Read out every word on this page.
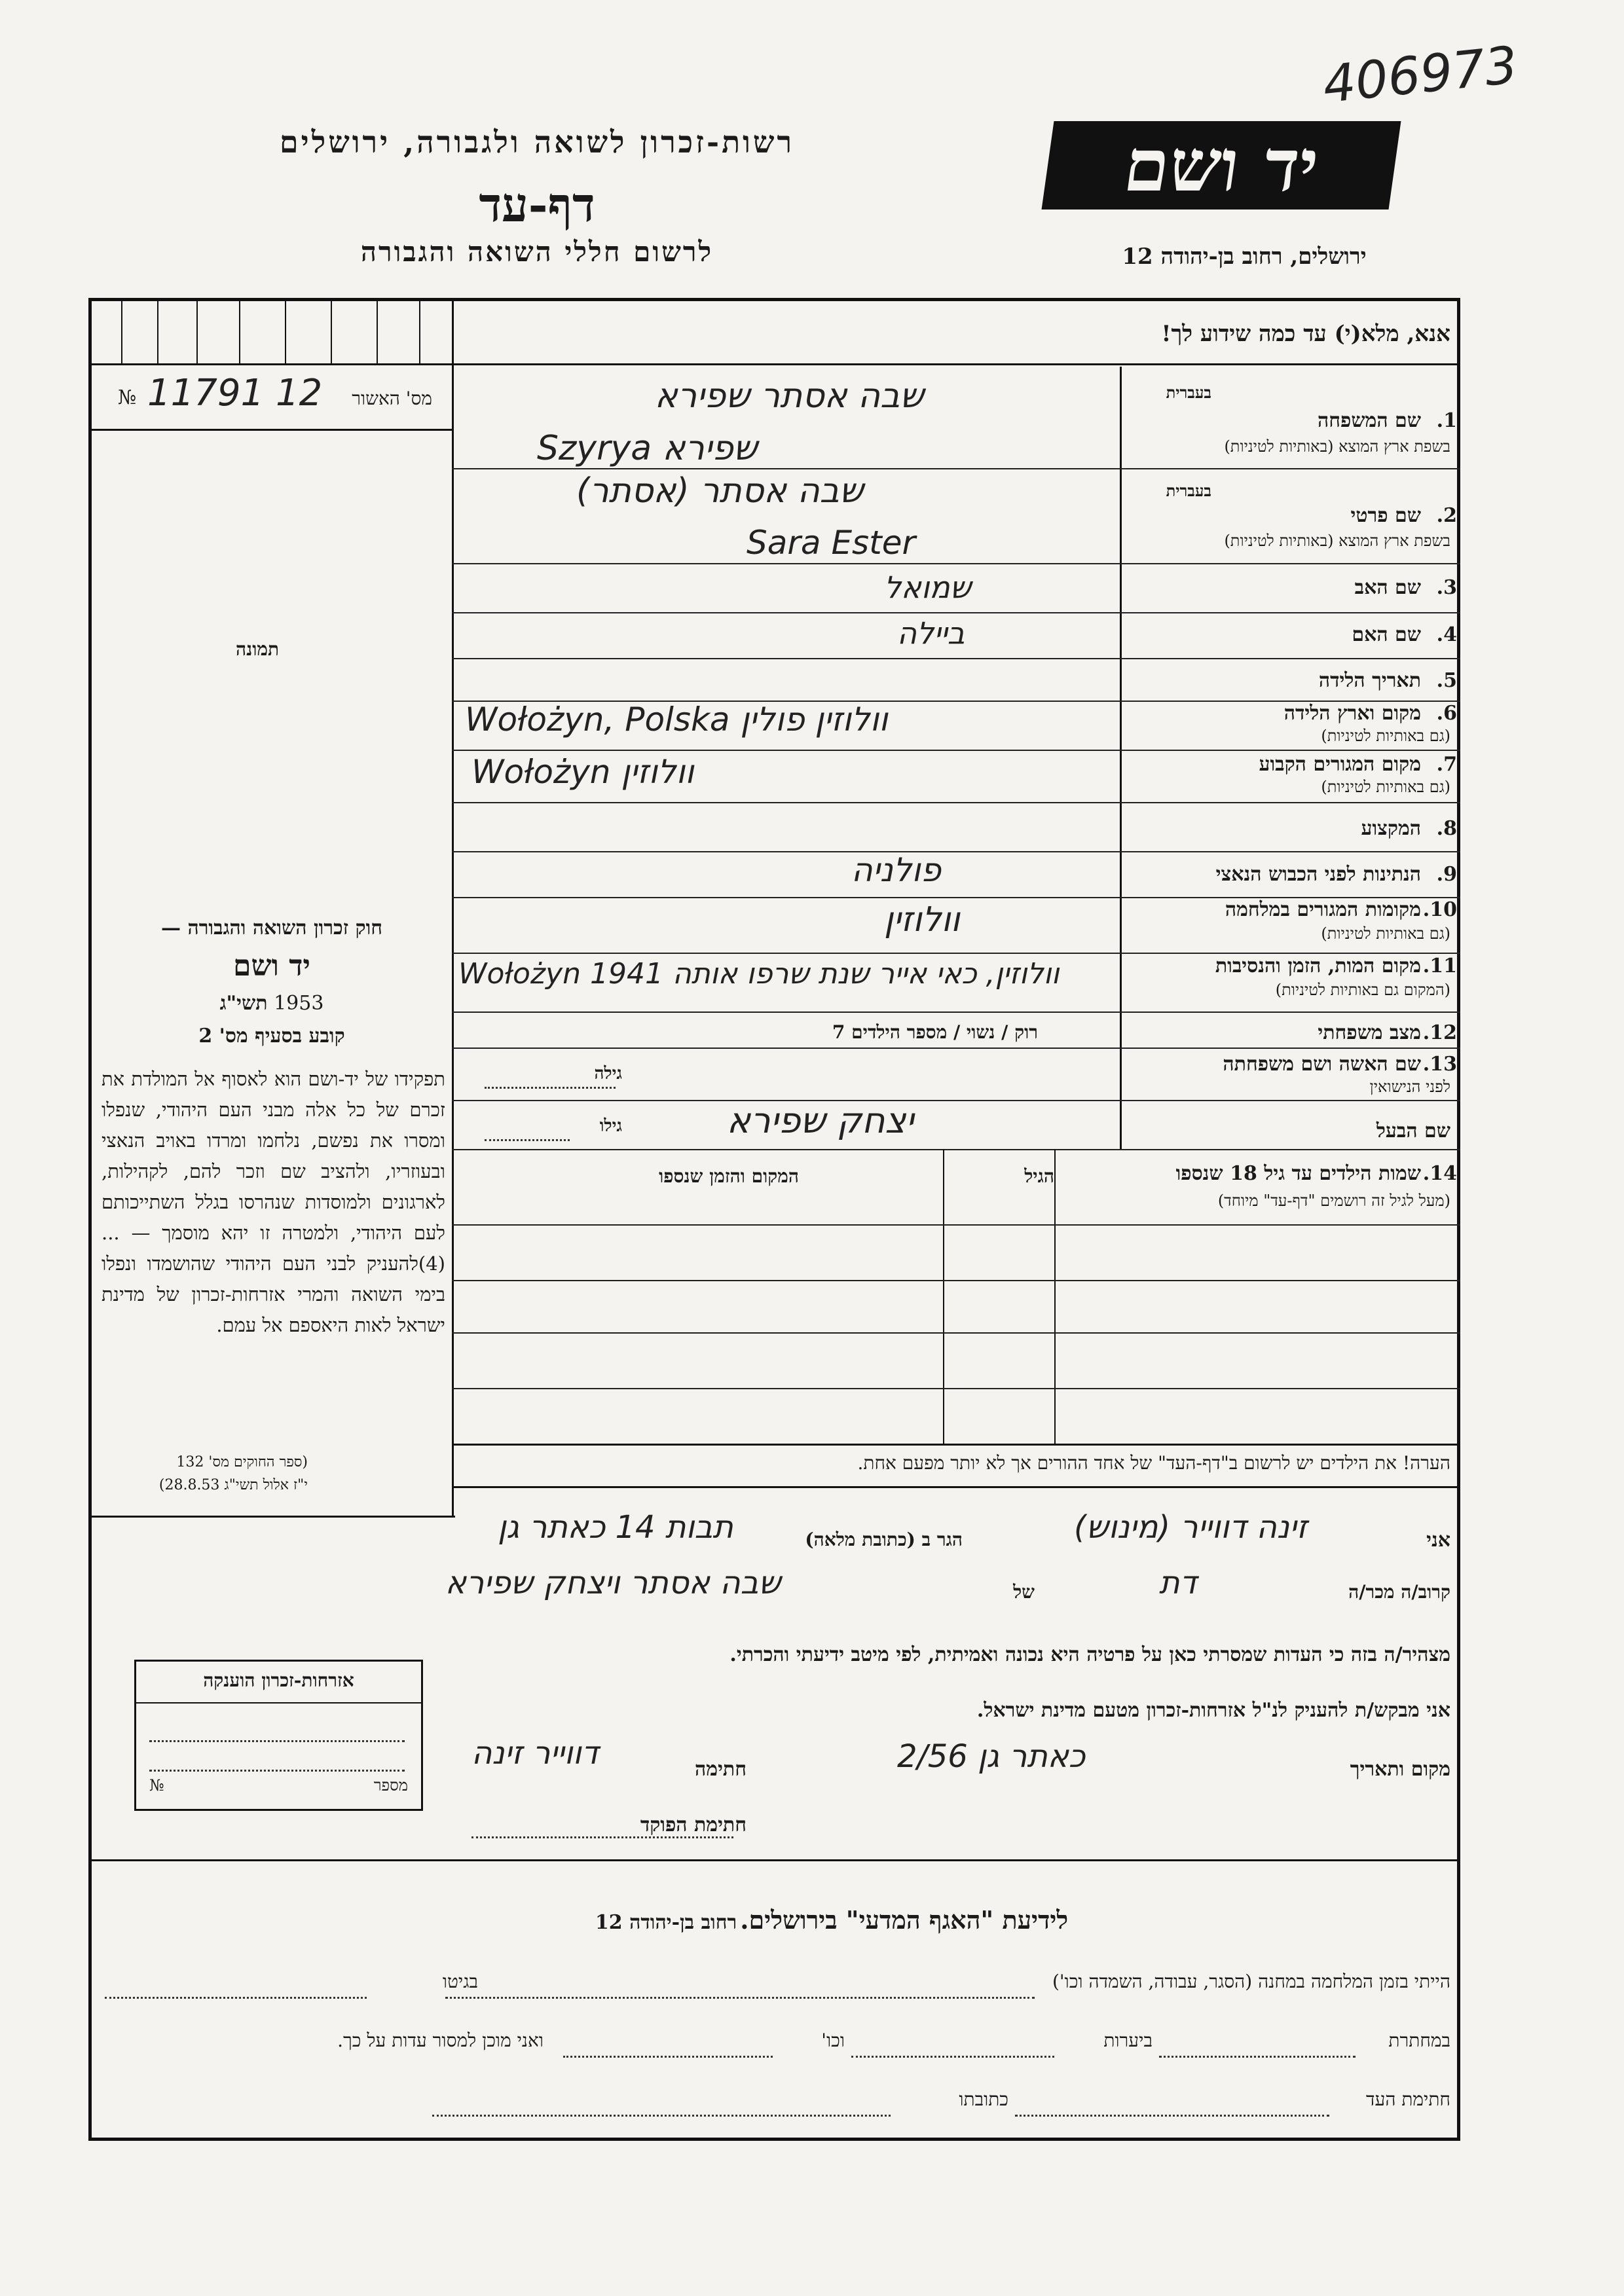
406973
רשות-זכרון לשואה ולגבורה, ירושלים
דף-עד
לרשום חללי השואה והגבורה
יד ושם
ירושלים, רחוב בן-יהודה 12
№ 11791 12 מס' האשור
תמונה
אנא, מלא(י) עד כמה שידוע לך!
בעברית
1.
שם המשפחה
בשפת ארץ המוצא (באותיות לטיניות)
שבה אסתר שפירא
Szyrya שפירא
בעברית
2.
שם פרטי
בשפת ארץ המוצא (באותיות לטיניות)
שבה אסתר (אסתר)
Sara Ester
3.
שם האב
שמואל
4.
שם האם
ביילה
5.
תאריך הלידה
6.
מקום וארץ הלידה
(גם באותיות לטיניות)
Wołożyn, Polska וולוזין פולין
7.
מקום המגורים הקבוע
(גם באותיות לטיניות)
Wołożyn וולוזין
8.
המקצוע
9.
הנתינות לפני הכבוש הנאצי
פולניה
10.
מקומות המגורים במלחמה
(גם באותיות לטיניות)
וולוזין
11.
מקום המות, הזמן והנסיבות
(המקום גם באותיות לטיניות)
Wołożyn 1941 וולוזין, כאי אייר שנת שרפו אותה
12.
מצב משפחתי
רוק / נשוי / מספר הילדים 7
13.
שם האשה ושם משפחתה
לפני הנישואין
גילה
שם הבעל
גילו	יצחק שפירא
14.
שמות הילדים עד גיל 18 שנספו
(מעל לגיל זה רושמים "דף-עד" מיוחד)
הגיל
המקום והזמן שנספו
הערה! את הילדים יש לרשום ב"דף-העד" של אחד ההורים אך לא יותר מפעם אחת.
חוק זכרון השואה והגבורה —
יד ושם
תשי"ג 1953
קובע בסעיף מס' 2
תפקידו של יד-ושם הוא לאסוף אל המולדת את זכרם של כל אלה מבני העם היהודי, שנפלו ומסרו את נפשם, נלחמו ומרדו באויב הנאצי ובעוזריו, ולהציב שם וזכר להם, לקהילות, לארגונים ולמוסדות שנהרסו בגלל השתייכותם לעם היהודי, ולמטרה זו יהא מוסמך — ...(4)להעניק לבני העם היהודי שהושמדו ונפלו בימי השואה והמרי אזרחות-זכרון של מדינת ישראל לאות היאספם אל עמם.
(ספר החוקים מס' 132
י"ז אלול תשי"ג 28.8.53)
אזרחות-זכרון הוענקה
מספר
№
אני
זינה דווייר (מינוש)
הגר ב (כתובת מלאה)
תבות 14 כאתר גן
קרוב/ה מכר/ה
דת
של
שבה אסתר ויצחק שפירא
מצהיר/ה בזה כי העדות שמסרתי כאן על פרטיה היא נכונה ואמיתית, לפי מיטב ידיעתי והכרתי.
אני מבקש/ת להעניק לנ"ל אזרחות-זכרון מטעם מדינת ישראל.
מקום ותאריך
כאתר גן 2/56
חתימה
דווייר זינה
חתימת הפוקד
לידיעת "האגף המדעי" בירושלים. רחוב בן-יהודה 12
הייתי בזמן המלחמה במחנה (הסגר, עבודה, השמדה וכו')
בגיטו
במחתרת
ביערות
וכו'
ואני מוכן למסור עדות על כך.
חתימת העד
כתובתו
